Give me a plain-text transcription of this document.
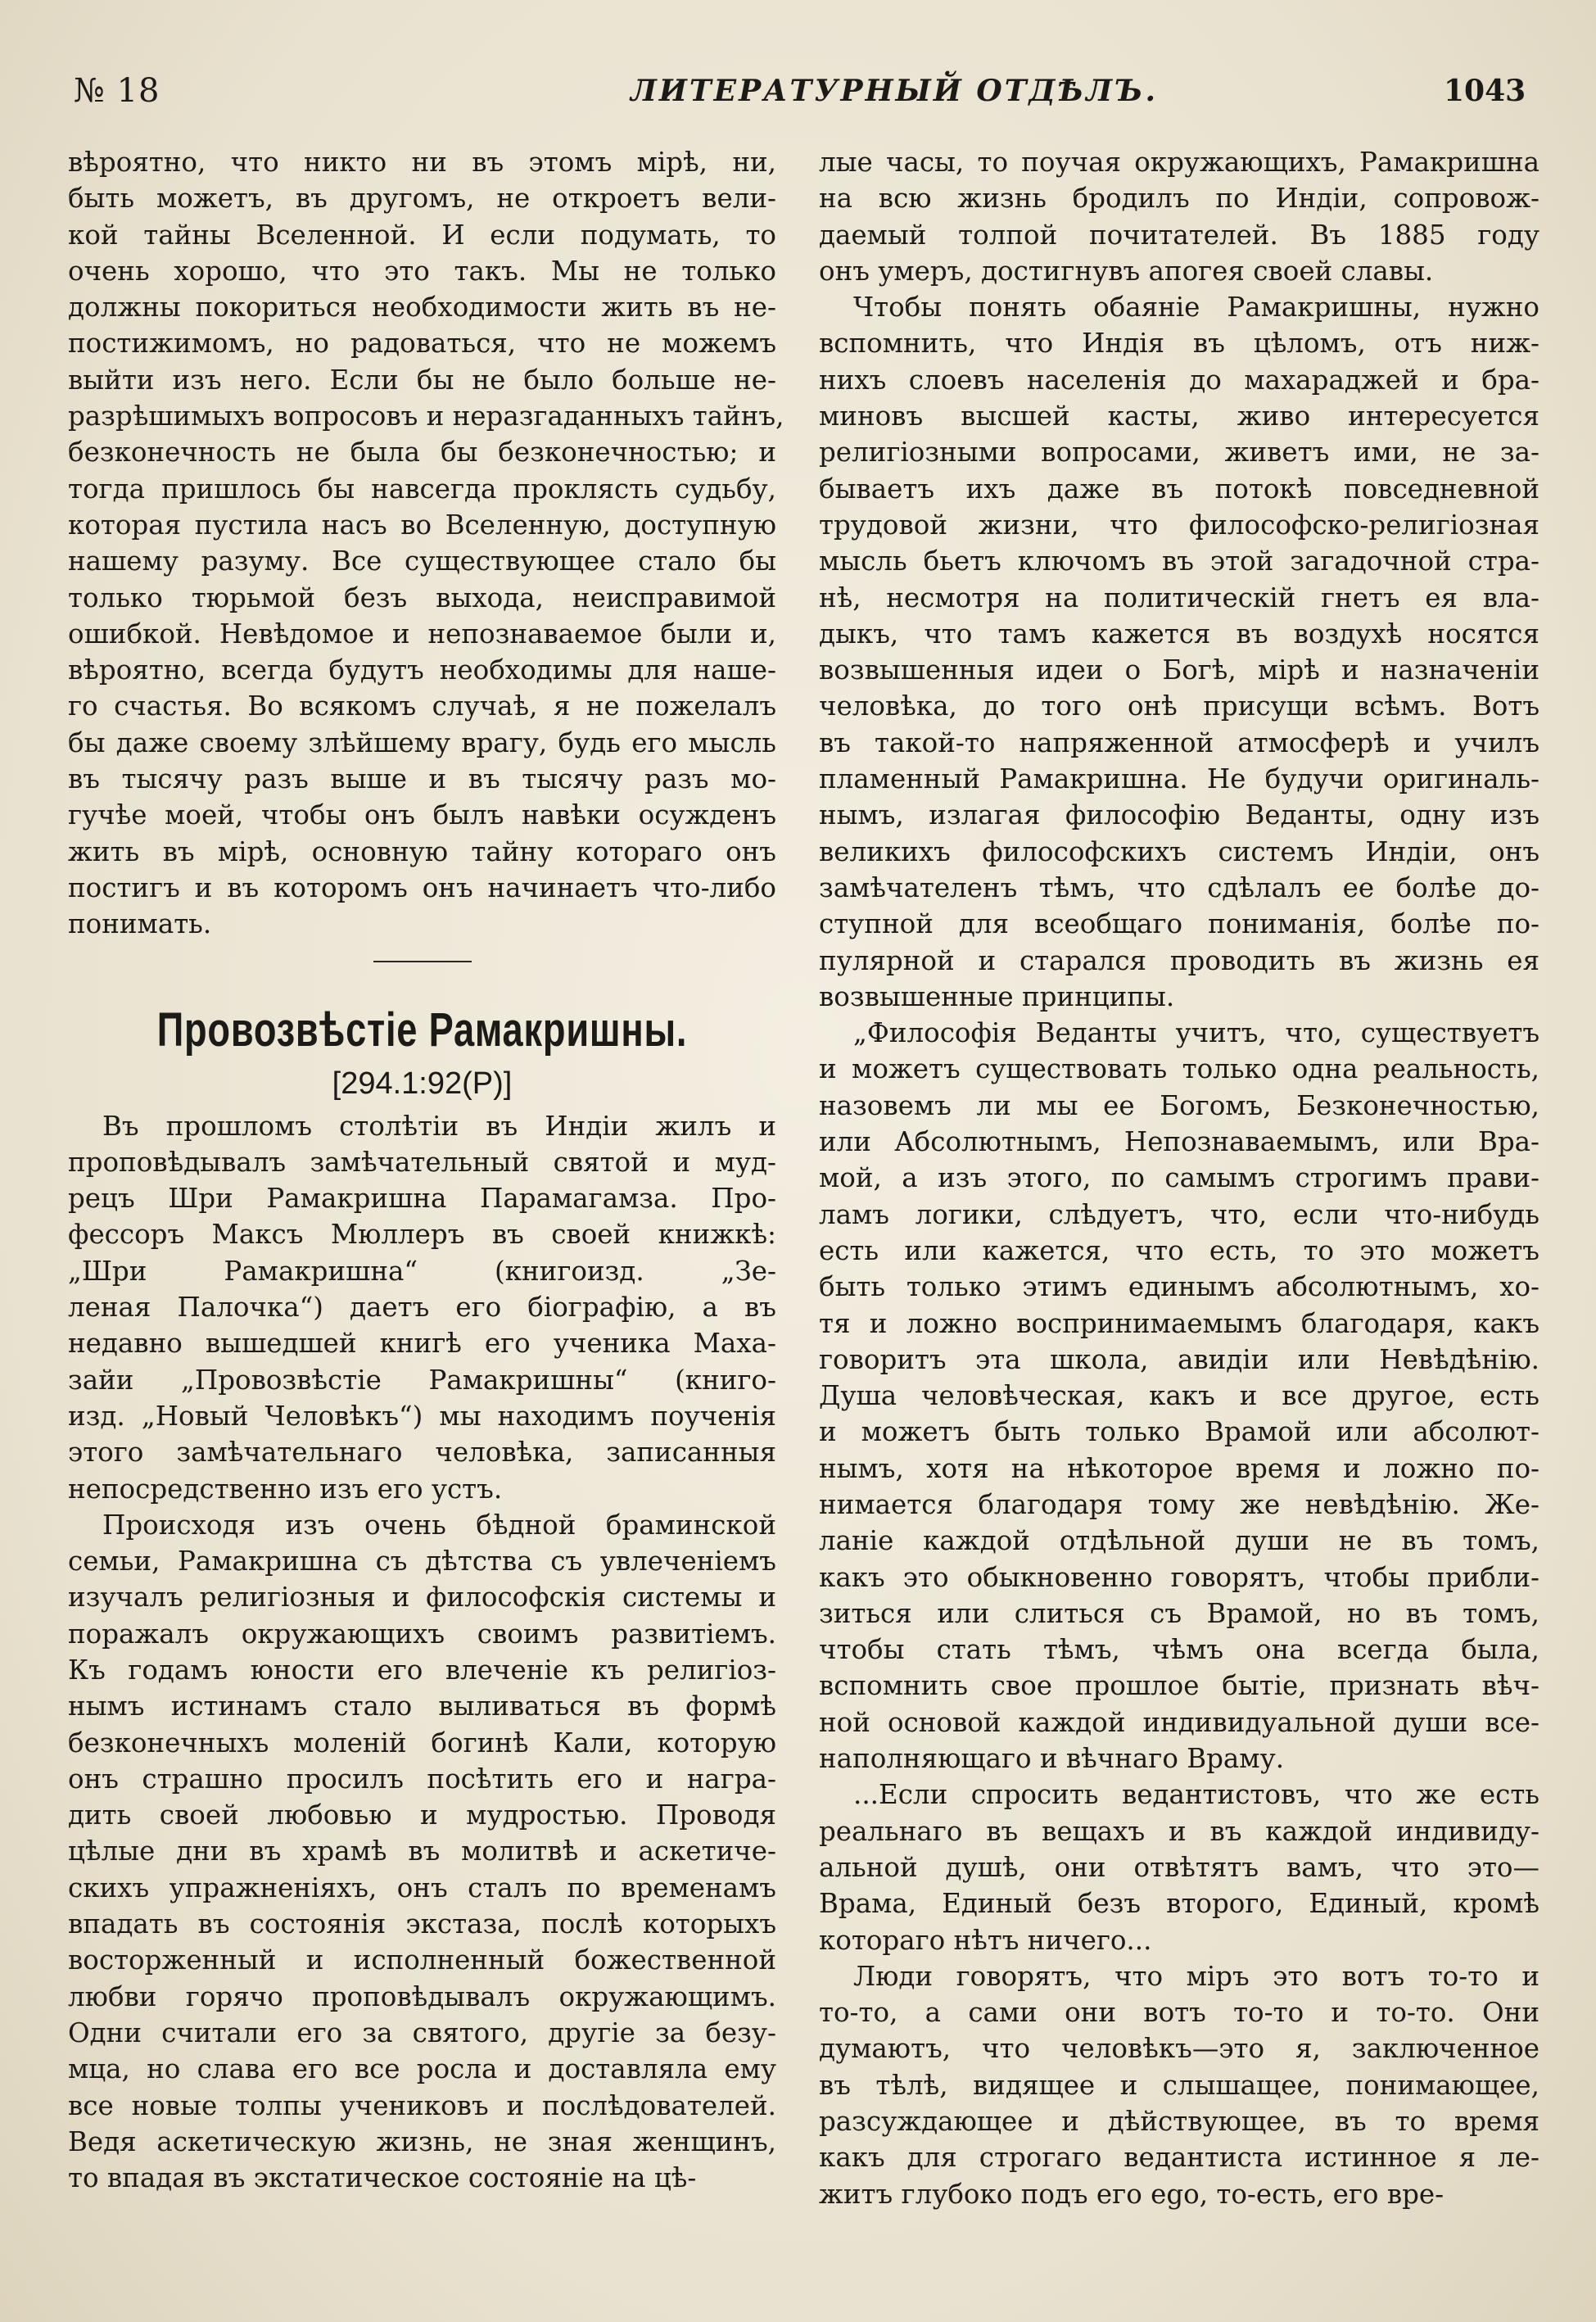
№ 18	ЛИТЕРАТУРНЫЙ ОТДѢЛЪ.	1043
вѣроятно, что никто ни въ этомъ мірѣ, ни,
быть можетъ, въ другомъ, не откроетъ вели-
кой тайны Вселенной. И если подумать, то
очень хорошо, что это такъ. Мы не только
должны покориться необходимости жить въ не-
постижимомъ, но радоваться, что не можемъ
выйти изъ него. Если бы не было больше не-
разрѣшимыхъ вопросовъ и неразгаданныхъ тайнъ,
безконечность не была бы безконечностью; и
тогда пришлось бы навсегда проклясть судьбу,
которая пустила насъ во Вселенную, доступную
нашему разуму. Все существующее стало бы
только тюрьмой безъ выхода, неисправимой
ошибкой. Невѣдомое и непознаваемое были и,
вѣроятно, всегда будутъ необходимы для наше-
го счастья. Во всякомъ случаѣ, я не пожелалъ
бы даже своему злѣйшему врагу, будь его мысль
въ тысячу разъ выше и въ тысячу разъ мо-
гучѣе моей, чтобы онъ былъ навѣки осужденъ
жить въ мірѣ, основную тайну котораго онъ
постигъ и въ которомъ онъ начинаетъ что-либо
понимать.
Провозвѣстіе Рамакришны.
[294.1:92(Р)]
Въ прошломъ столѣтіи въ Индіи жилъ и
проповѣдывалъ замѣчательный святой и муд-
рецъ Шри Рамакришна Парамагамза. Про-
фессоръ Максъ Мюллеръ въ своей книжкѣ:
„Шри Рамакришна“ (книгоизд. „Зе-
леная Палочка“) даетъ его біографію, а въ
недавно вышедшей книгѣ его ученика Маха-
зайи „Провозвѣстіе Рамакришны“ (книго-
изд. „Новый Человѣкъ“) мы находимъ поученія
этого замѣчательнаго человѣка, записанныя
непосредственно изъ его устъ.
Происходя изъ очень бѣдной браминской
семьи, Рамакришна съ дѣтства съ увлеченіемъ
изучалъ религіозныя и философскія системы и
поражалъ окружающихъ своимъ развитіемъ.
Къ годамъ юности его влеченіе къ религіоз-
нымъ истинамъ стало выливаться въ формѣ
безконечныхъ моленій богинѣ Кали, которую
онъ страшно просилъ посѣтить его и награ-
дить своей любовью и мудростью. Проводя
цѣлые дни въ храмѣ въ молитвѣ и аскетиче-
скихъ упражненіяхъ, онъ сталъ по временамъ
впадать въ состоянія экстаза, послѣ которыхъ
восторженный и исполненный божественной
любви горячо проповѣдывалъ окружающимъ.
Одни считали его за святого, другіе за безу-
мца, но слава его все росла и доставляла ему
все новые толпы учениковъ и послѣдователей.
Ведя аскетическую жизнь, не зная женщинъ,
то впадая въ экстатическое состояніе на цѣ-
лые часы, то поучая окружающихъ, Рамакришна
на всю жизнь бродилъ по Индіи, сопровож-
даемый толпой почитателей. Въ 1885 году
онъ умеръ, достигнувъ апогея своей славы.
Чтобы понять обаяніе Рамакришны, нужно
вспомнить, что Индія въ цѣломъ, отъ ниж-
нихъ слоевъ населенія до махараджей и бра-
миновъ высшей касты, живо интересуется
религіозными вопросами, живетъ ими, не за-
бываетъ ихъ даже въ потокѣ повседневной
трудовой жизни, что философско-религіозная
мысль бьетъ ключомъ въ этой загадочной стра-
нѣ, несмотря на политическій гнетъ ея вла-
дыкъ, что тамъ кажется въ воздухѣ носятся
возвышенныя идеи о Богѣ, мірѣ и назначеніи
человѣка, до того онѣ присущи всѣмъ. Вотъ
въ такой-то напряженной атмосферѣ и училъ
пламенный Рамакришна. Не будучи оригиналь-
нымъ, излагая философію Веданты, одну изъ
великихъ философскихъ системъ Индіи, онъ
замѣчателенъ тѣмъ, что сдѣлалъ ее болѣе до-
ступной для всеобщаго пониманія, болѣе по-
пулярной и старался проводить въ жизнь ея
возвышенные принципы.
„Философія Веданты учитъ, что, существуетъ
и можетъ существовать только одна реальность,
назовемъ ли мы ее Богомъ, Безконечностью,
или Абсолютнымъ, Непознаваемымъ, или Вра-
мой, а изъ этого, по самымъ строгимъ прави-
ламъ логики, слѣдуетъ, что, если что-нибудь
есть или кажется, что есть, то это можетъ
быть только этимъ единымъ абсолютнымъ, хо-
тя и ложно воспринимаемымъ благодаря, какъ
говоритъ эта школа, авидіи или Невѣдѣнію.
Душа человѣческая, какъ и все другое, есть
и можетъ быть только Врамой или абсолют-
нымъ, хотя на нѣкоторое время и ложно по-
нимается благодаря тому же невѣдѣнію. Же-
ланіе каждой отдѣльной души не въ томъ,
какъ это обыкновенно говорятъ, чтобы прибли-
зиться или слиться съ Врамой, но въ томъ,
чтобы стать тѣмъ, чѣмъ она всегда была,
вспомнить свое прошлое бытіе, признать вѣч-
ной основой каждой индивидуальной души все-
наполняющаго и вѣчнаго Враму.
...Если спросить ведантистовъ, что же есть
реальнаго въ вещахъ и въ каждой индивиду-
альной душѣ, они отвѣтятъ вамъ, что это—
Врама, Единый безъ второго, Единый, кромѣ
котораго нѣтъ ничего...
Люди говорятъ, что міръ это вотъ то-то и
то-то, а сами они вотъ то-то и то-то. Они
думаютъ, что человѣкъ—это я, заключенное
въ тѣлѣ, видящее и слышащее, понимающее,
разсуждающее и дѣйствующее, въ то время
какъ для строгаго ведантиста истинное я ле-
житъ глубоко подъ его ego, то-есть, его вре-
